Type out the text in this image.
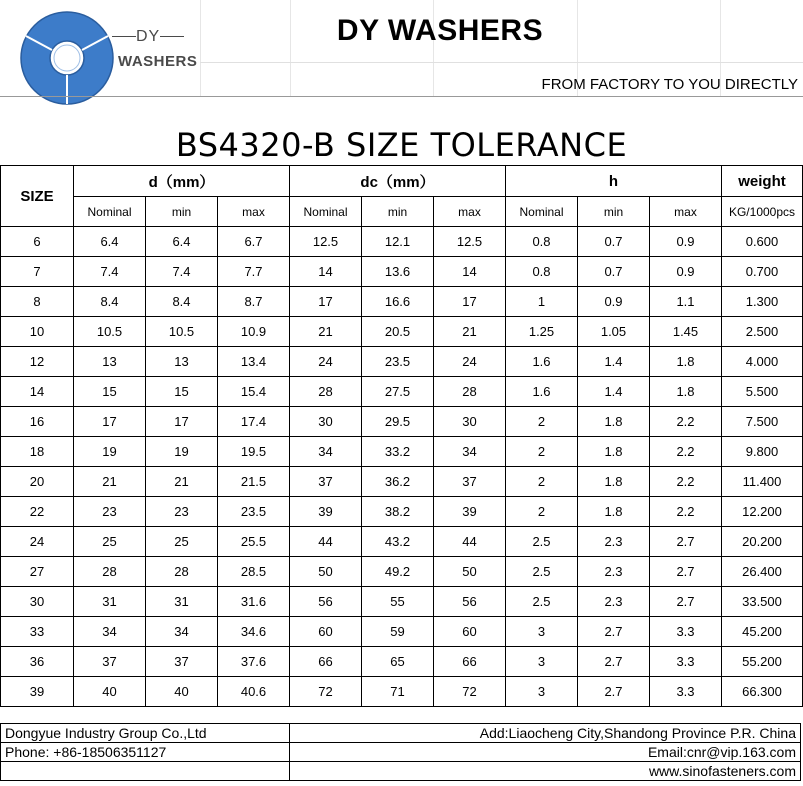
DY
WASHERS
DY WASHERS
FROM FACTORY TO YOU DIRECTLY
BS4320-B SIZE TOLERANCE
SIZE	d（mm）			dc（mm）			h			weight
	Nominal	min	max	Nominal	min	max	Nominal	min	max	KG/1000pcs
6	6.4	6.4	6.7	12.5	12.1	12.5	0.8	0.7	0.9	0.600
7	7.4	7.4	7.7	14	13.6	14	0.8	0.7	0.9	0.700
8	8.4	8.4	8.7	17	16.6	17	1	0.9	1.1	1.300
10	10.5	10.5	10.9	21	20.5	21	1.25	1.05	1.45	2.500
12	13	13	13.4	24	23.5	24	1.6	1.4	1.8	4.000
14	15	15	15.4	28	27.5	28	1.6	1.4	1.8	5.500
16	17	17	17.4	30	29.5	30	2	1.8	2.2	7.500
18	19	19	19.5	34	33.2	34	2	1.8	2.2	9.800
20	21	21	21.5	37	36.2	37	2	1.8	2.2	11.400
22	23	23	23.5	39	38.2	39	2	1.8	2.2	12.200
24	25	25	25.5	44	43.2	44	2.5	2.3	2.7	20.200
27	28	28	28.5	50	49.2	50	2.5	2.3	2.7	26.400
30	31	31	31.6	56	55	56	2.5	2.3	2.7	33.500
33	34	34	34.6	60	59	60	3	2.7	3.3	45.200
36	37	37	37.6	66	65	66	3	2.7	3.3	55.200
39	40	40	40.6	72	71	72	3	2.7	3.3	66.300
Dongyue Industry Group Co.,Ltd	Add:Liaocheng City,Shandong Province P.R. China
Phone: +86-18506351127	Email:cnr@vip.163.com
	www.sinofasteners.com
